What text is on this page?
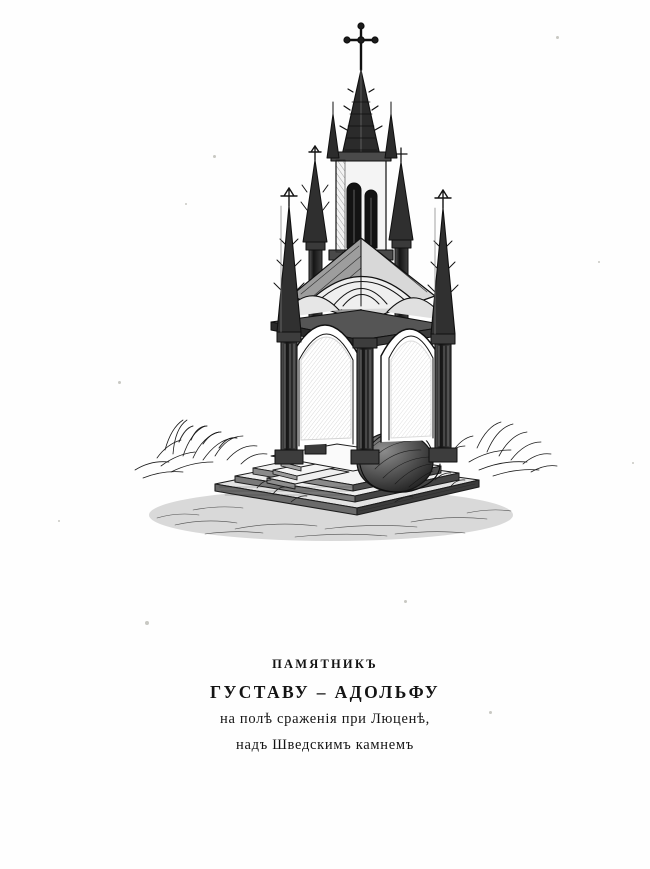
ПАМЯТНИКЪ
ГУСТАВУ – АДОЛЬФУ
на полѣ сраженія при Люценѣ,
надъ Шведскимъ камнемъ
